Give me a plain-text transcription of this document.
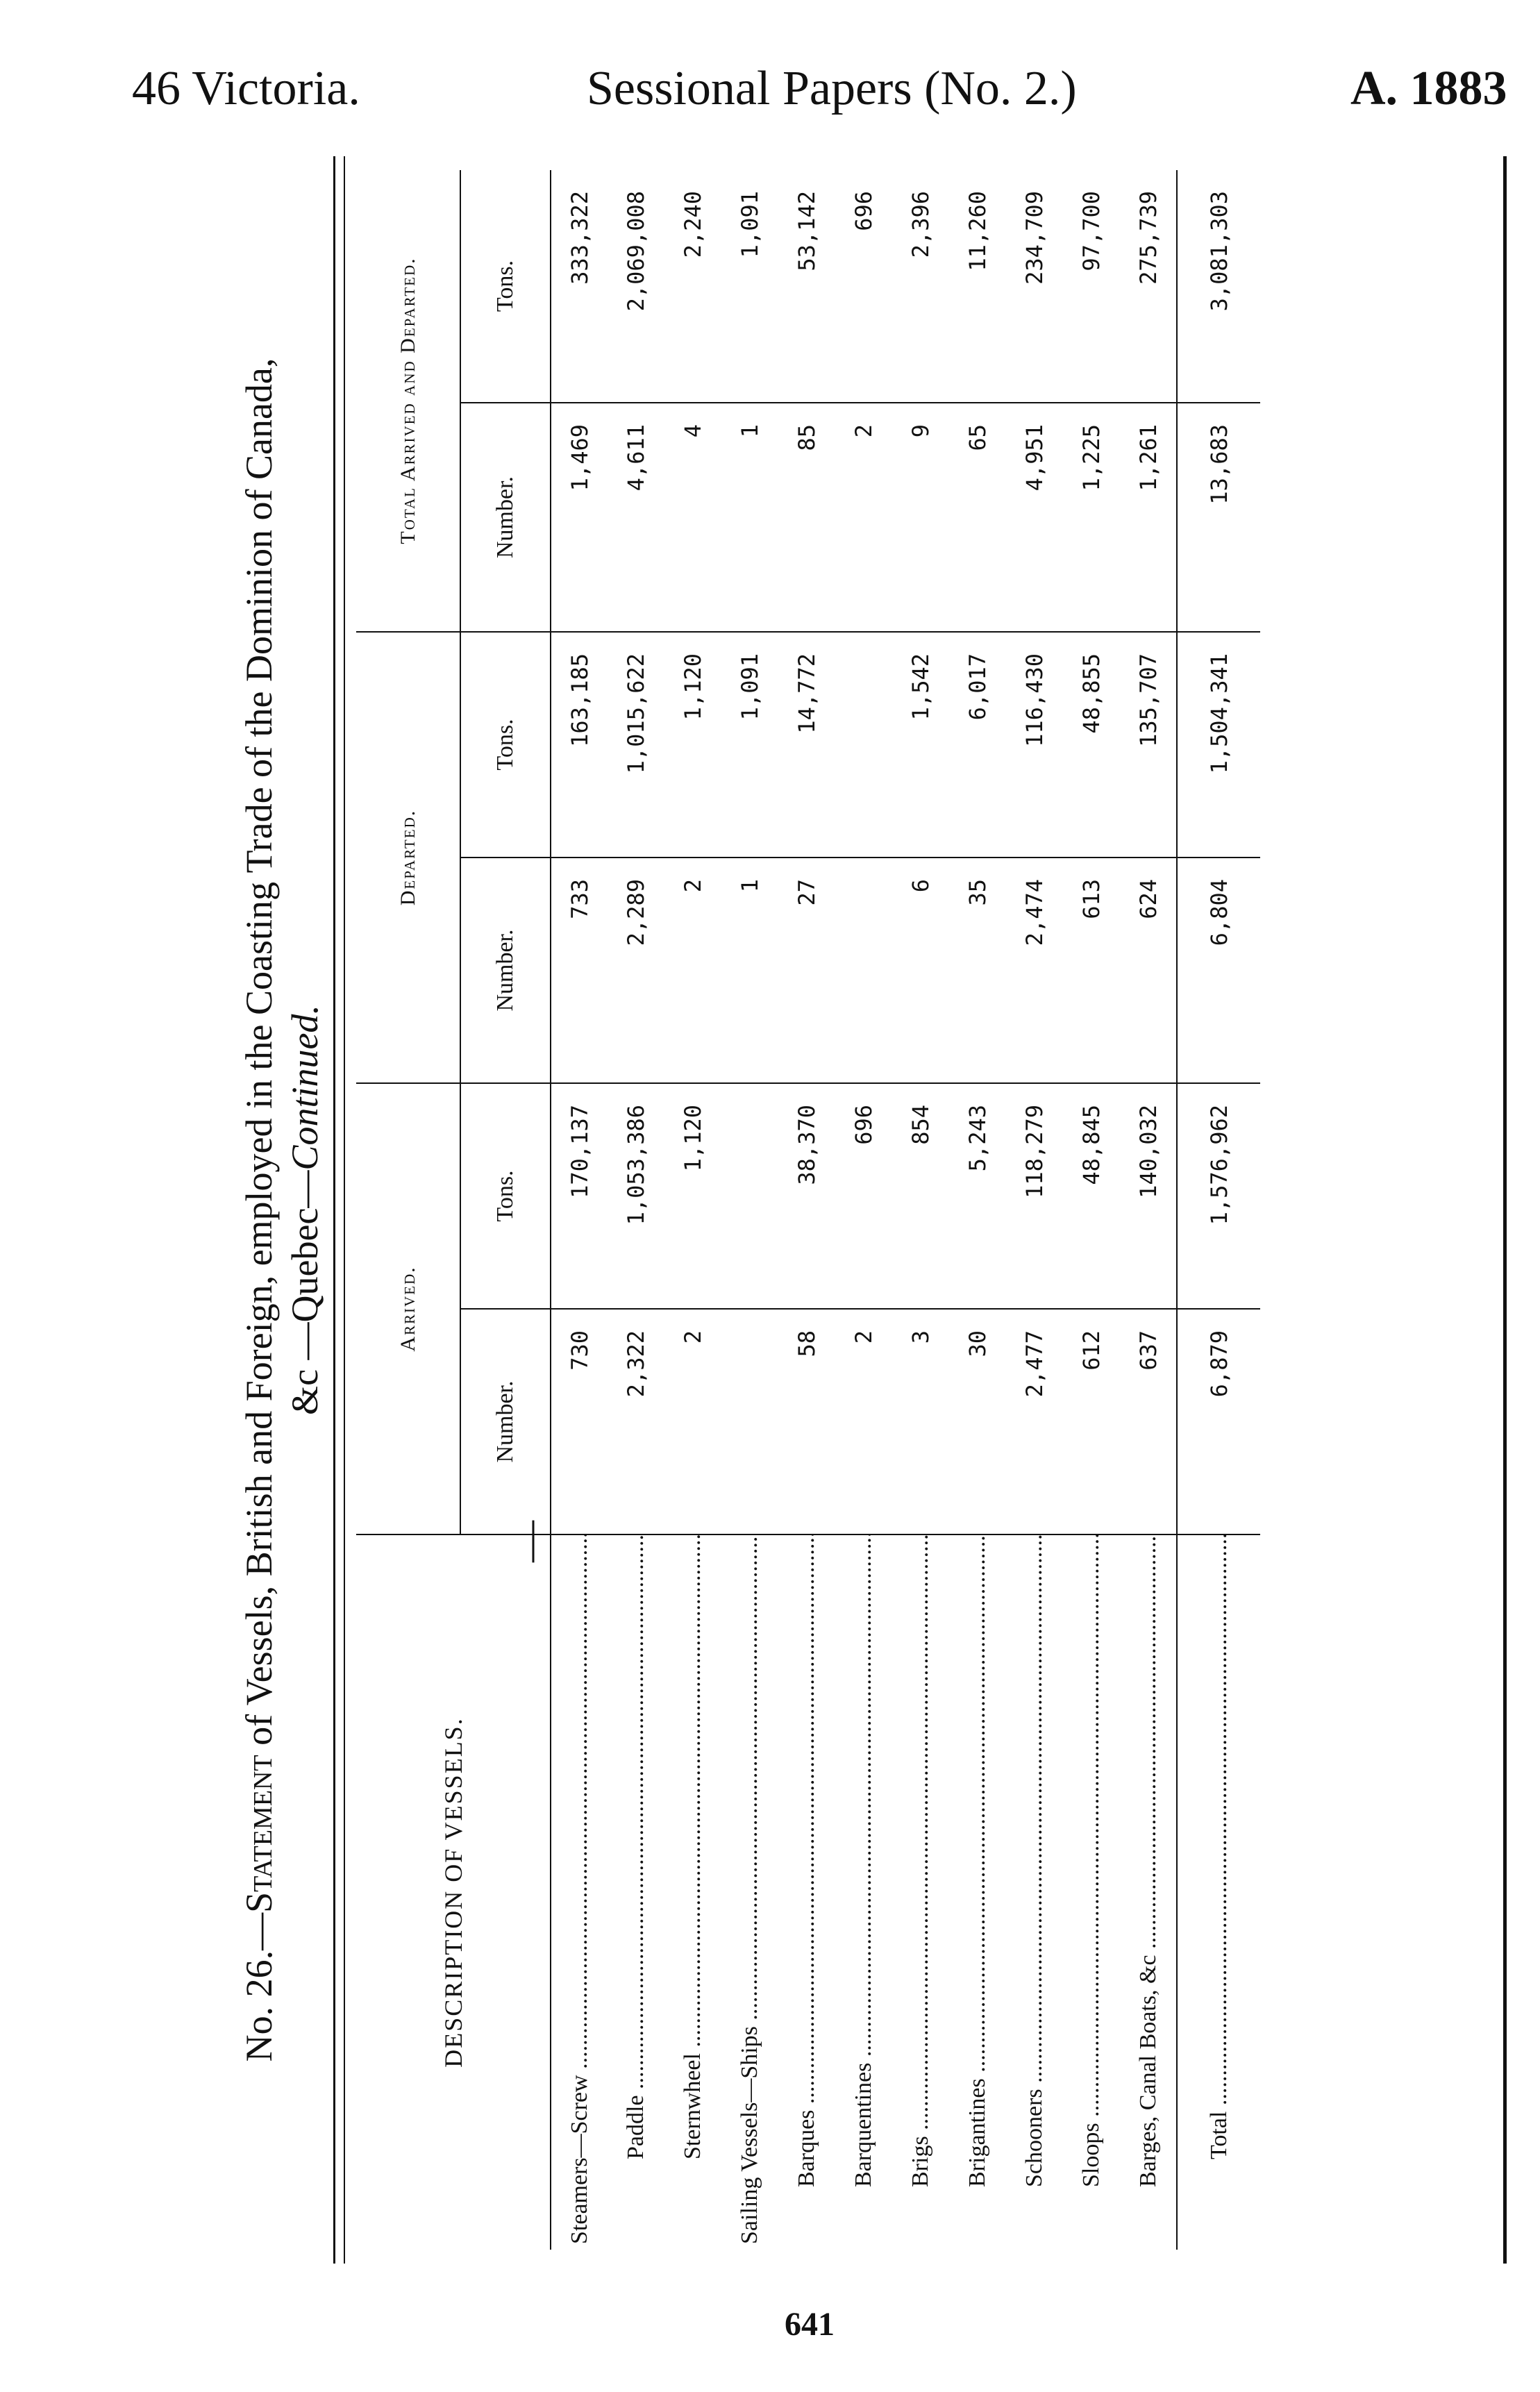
46 Victoria.	Sessional Papers (No. 2.)	A. 1883
No. 26.—Statement of Vessels, British and Foreign, employed in the Coasting Trade of the Dominion of Canada, &c —Quebec—Continued.
—
DESCRIPTION OF VESSELS.	Arrived.		Departed.		Total Arrived and Departed.	
	Number.	Tons.	Number.	Tons.	Number.	Tons.
Steamers—Screw .....	730	170,137	733	163,185	1,469	333,322
Paddle .....	2,322	1,053,386	2,289	1,015,622	4,611	2,069,008
Sternwheel .....	2	1,120	2	1,120	4	2,240
Sailing Vessels—Ships .....			1	1,091	1	1,091
Barques .....	58	38,370	27	14,772	85	53,142
Barquentines .....	2	696			2	696
Brigs .....	3	854	6	1,542	9	2,396
Brigantines .....	30	5,243	35	6,017	65	11,260
Schooners .....	2,477	118,279	2,474	116,430	4,951	234,709
Sloops .....	612	48,845	613	48,855	1,225	97,700
Barges, Canal Boats, &c .....	637	140,032	624	135,707	1,261	275,739
Total .....	6,879	1,576,962	6,804	1,504,341	13,683	3,081,303
641
